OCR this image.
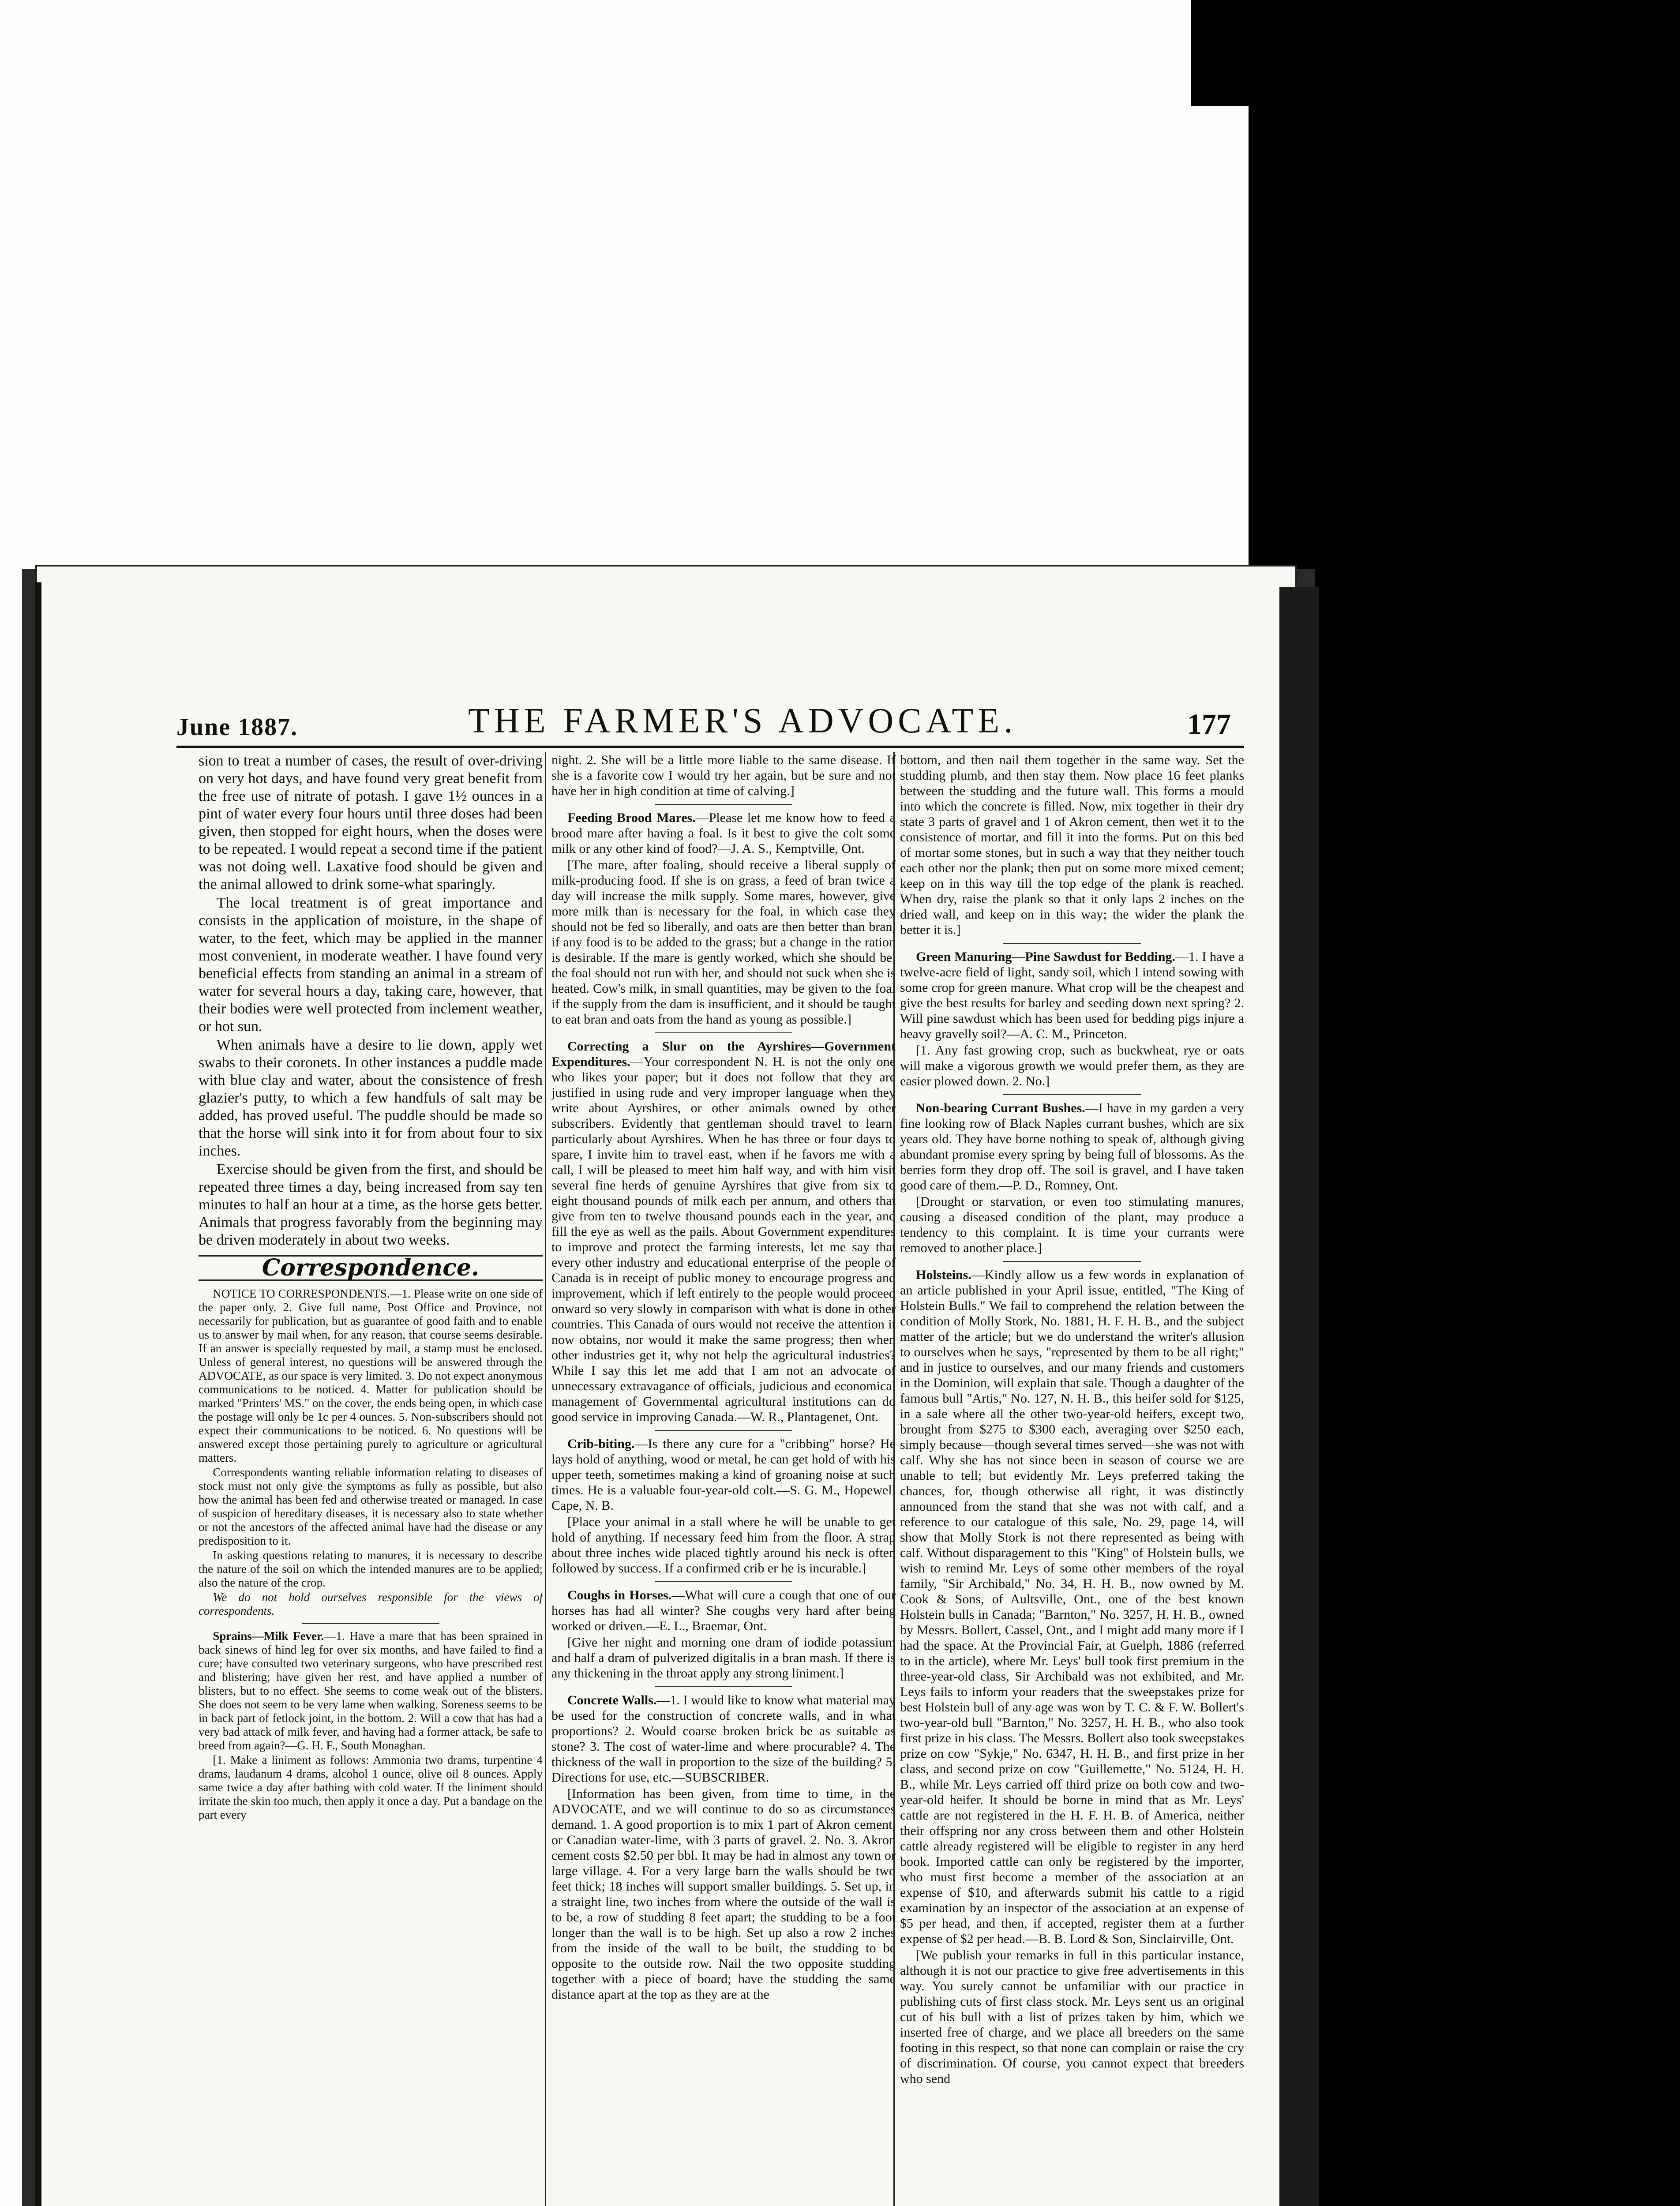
June 1887.	THE FARMER'S ADVOCATE.	177

sion to treat a number of cases, the result of over-driving on very hot days, and have found very great benefit from the free use of nitrate of potash. I gave 1½ ounces in a pint of water every four hours until three doses had been given, then stopped for eight hours, when the doses were to be repeated. I would repeat a second time if the patient was not doing well. Laxative food should be given and the animal allowed to drink some-what sparingly.

The local treatment is of great importance and consists in the application of moisture, in the shape of water, to the feet, which may be applied in the manner most convenient, in moderate weather. I have found very beneficial effects from standing an animal in a stream of water for several hours a day, taking care, however, that their bodies were well protected from inclement weather, or hot sun.

When animals have a desire to lie down, apply wet swabs to their coronets. In other instances a puddle made with blue clay and water, about the consistence of fresh glazier's putty, to which a few handfuls of salt may be added, has proved useful. The puddle should be made so that the horse will sink into it for from about four to six inches.

Exercise should be given from the first, and should be repeated three times a day, being increased from say ten minutes to half an hour at a time, as the horse gets better. Animals that progress favorably from the beginning may be driven moderately in about two weeks.

Correspondence.

NOTICE TO CORRESPONDENTS.—1. Please write on one side of the paper only. 2. Give full name, Post Office and Province, not necessarily for publication, but as guarantee of good faith and to enable us to answer by mail when, for any reason, that course seems desirable. If an answer is specially requested by mail, a stamp must be enclosed. Unless of general interest, no questions will be answered through the ADVOCATE, as our space is very limited. 3. Do not expect anonymous communications to be noticed. 4. Matter for publication should be marked "Printers' MS." on the cover, the ends being open, in which case the postage will only be 1c per 4 ounces. 5. Non-subscribers should not expect their communications to be noticed. 6. No questions will be answered except those pertaining purely to agriculture or agricultural matters.

Correspondents wanting reliable information relating to diseases of stock must not only give the symptoms as fully as possible, but also how the animal has been fed and otherwise treated or managed. In case of suspicion of hereditary diseases, it is necessary also to state whether or not the ancestors of the affected animal have had the disease or any predisposition to it.

In asking questions relating to manures, it is necessary to describe the nature of the soil on which the intended manures are to be applied; also the nature of the crop.

We do not hold ourselves responsible for the views of correspondents.

Sprains—Milk Fever.—1. Have a mare that has been sprained in back sinews of hind leg for over six months, and have failed to find a cure; have consulted two veterinary surgeons, who have prescribed rest and blistering; have given her rest, and have applied a number of blisters, but to no effect. She seems to come weak out of the blisters. She does not seem to be very lame when walking. Soreness seems to be in back part of fetlock joint, in the bottom. 2. Will a cow that has had a very bad attack of milk fever, and having had a former attack, be safe to breed from again?—G. H. F., South Monaghan.

[1. Make a liniment as follows: Ammonia two drams, turpentine 4 drams, laudanum 4 drams, alcohol 1 ounce, olive oil 8 ounces. Apply same twice a day after bathing with cold water. If the liniment should irritate the skin too much, then apply it once a day. Put a bandage on the part every

night. 2. She will be a little more liable to the same disease. If she is a favorite cow I would try her again, but be sure and not have her in high condition at time of calving.]

Feeding Brood Mares.—Please let me know how to feed a brood mare after having a foal. Is it best to give the colt some milk or any other kind of food?—J. A. S., Kemptville, Ont.

[The mare, after foaling, should receive a liberal supply of milk-producing food. If she is on grass, a feed of bran twice a day will increase the milk supply. Some mares, however, give more milk than is necessary for the foal, in which case they should not be fed so liberally, and oats are then better than bran, if any food is to be added to the grass; but a change in the ration is desirable. If the mare is gently worked, which she should be, the foal should not run with her, and should not suck when she is heated. Cow's milk, in small quantities, may be given to the foal if the supply from the dam is insufficient, and it should be taught to eat bran and oats from the hand as young as possible.]

Correcting a Slur on the Ayrshires—Government Expenditures.—Your correspondent N. H. is not the only one who likes your paper; but it does not follow that they are justified in using rude and very improper language when they write about Ayrshires, or other animals owned by other subscribers. Evidently that gentleman should travel to learn, particularly about Ayrshires. When he has three or four days to spare, I invite him to travel east, when if he favors me with a call, I will be pleased to meet him half way, and with him visit several fine herds of genuine Ayrshires that give from six to eight thousand pounds of milk each per annum, and others that give from ten to twelve thousand pounds each in the year, and fill the eye as well as the pails. About Government expenditures to improve and protect the farming interests, let me say that every other industry and educational enterprise of the people of Canada is in receipt of public money to encourage progress and improvement, which if left entirely to the people would proceed onward so very slowly in comparison with what is done in other countries. This Canada of ours would not receive the attention it now obtains, nor would it make the same progress; then when other industries get it, why not help the agricultural industries? While I say this let me add that I am not an advocate of unnecessary extravagance of officials, judicious and economical management of Governmental agricultural institutions can do good service in improving Canada.—W. R., Plantagenet, Ont.

Crib-biting.—Is there any cure for a "cribbing" horse? He lays hold of anything, wood or metal, he can get hold of with his upper teeth, sometimes making a kind of groaning noise at such times. He is a valuable four-year-old colt.—S. G. M., Hopewell Cape, N. B.

[Place your animal in a stall where he will be unable to get hold of anything. If necessary feed him from the floor. A strap about three inches wide placed tightly around his neck is often followed by success. If a confirmed crib er he is incurable.]

Coughs in Horses.—What will cure a cough that one of our horses has had all winter? She coughs very hard after being worked or driven.—E. L., Braemar, Ont.

[Give her night and morning one dram of iodide potassium and half a dram of pulverized digitalis in a bran mash. If there is any thickening in the throat apply any strong liniment.]

Concrete Walls.—1. I would like to know what material may be used for the construction of concrete walls, and in what proportions? 2. Would coarse broken brick be as suitable as stone? 3. The cost of water-lime and where procurable? 4. The thickness of the wall in proportion to the size of the building? 5. Directions for use, etc.—SUBSCRIBER.

[Information has been given, from time to time, in the ADVOCATE, and we will continue to do so as circumstances demand. 1. A good proportion is to mix 1 part of Akron cement, or Canadian water-lime, with 3 parts of gravel. 2. No. 3. Akron cement costs $2.50 per bbl. It may be had in almost any town or large village. 4. For a very large barn the walls should be two feet thick; 18 inches will support smaller buildings. 5. Set up, in a straight line, two inches from where the outside of the wall is to be, a row of studding 8 feet apart; the studding to be a foot longer than the wall is to be high. Set up also a row 2 inches from the inside of the wall to be built, the studding to be opposite to the outside row. Nail the two opposite studding together with a piece of board; have the studding the same distance apart at the top as they are at the

bottom, and then nail them together in the same way. Set the studding plumb, and then stay them. Now place 16 feet planks between the studding and the future wall. This forms a mould into which the concrete is filled. Now, mix together in their dry state 3 parts of gravel and 1 of Akron cement, then wet it to the consistence of mortar, and fill it into the forms. Put on this bed of mortar some stones, but in such a way that they neither touch each other nor the plank; then put on some more mixed cement; keep on in this way till the top edge of the plank is reached. When dry, raise the plank so that it only laps 2 inches on the dried wall, and keep on in this way; the wider the plank the better it is.]

Green Manuring—Pine Sawdust for Bedding.—1. I have a twelve-acre field of light, sandy soil, which I intend sowing with some crop for green manure. What crop will be the cheapest and give the best results for barley and seeding down next spring? 2. Will pine sawdust which has been used for bedding pigs injure a heavy gravelly soil?—A. C. M., Princeton.

[1. Any fast growing crop, such as buckwheat, rye or oats will make a vigorous growth we would prefer them, as they are easier plowed down. 2. No.]

Non-bearing Currant Bushes.—I have in my garden a very fine looking row of Black Naples currant bushes, which are six years old. They have borne nothing to speak of, although giving abundant promise every spring by being full of blossoms. As the berries form they drop off. The soil is gravel, and I have taken good care of them.—P. D., Romney, Ont.

[Drought or starvation, or even too stimulating manures, causing a diseased condition of the plant, may produce a tendency to this complaint. It is time your currants were removed to another place.]

Holsteins.—Kindly allow us a few words in explanation of an article published in your April issue, entitled, "The King of Holstein Bulls." We fail to comprehend the relation between the condition of Molly Stork, No. 1881, H. F. H. B., and the subject matter of the article; but we do understand the writer's allusion to ourselves when he says, "represented by them to be all right;" and in justice to ourselves, and our many friends and customers in the Dominion, will explain that sale. Though a daughter of the famous bull "Artis," No. 127, N. H. B., this heifer sold for $125, in a sale where all the other two-year-old heifers, except two, brought from $275 to $300 each, averaging over $250 each, simply because—though several times served—she was not with calf. Why she has not since been in season of course we are unable to tell; but evidently Mr. Leys preferred taking the chances, for, though otherwise all right, it was distinctly announced from the stand that she was not with calf, and a reference to our catalogue of this sale, No. 29, page 14, will show that Molly Stork is not there represented as being with calf. Without disparagement to this "King" of Holstein bulls, we wish to remind Mr. Leys of some other members of the royal family, "Sir Archibald," No. 34, H. H. B., now owned by M. Cook & Sons, of Aultsville, Ont., one of the best known Holstein bulls in Canada; "Barnton," No. 3257, H. H. B., owned by Messrs. Bollert, Cassel, Ont., and I might add many more if I had the space. At the Provincial Fair, at Guelph, 1886 (referred to in the article), where Mr. Leys' bull took first premium in the three-year-old class, Sir Archibald was not exhibited, and Mr. Leys fails to inform your readers that the sweepstakes prize for best Holstein bull of any age was won by T. C. & F. W. Bollert's two-year-old bull "Barnton," No. 3257, H. H. B., who also took first prize in his class. The Messrs. Bollert also took sweepstakes prize on cow "Sykje," No. 6347, H. H. B., and first prize in her class, and second prize on cow "Guillemette," No. 5124, H. H. B., while Mr. Leys carried off third prize on both cow and two-year-old heifer. It should be borne in mind that as Mr. Leys' cattle are not registered in the H. F. H. B. of America, neither their offspring nor any cross between them and other Holstein cattle already registered will be eligible to register in any herd book. Imported cattle can only be registered by the importer, who must first become a member of the association at an expense of $10, and afterwards submit his cattle to a rigid examination by an inspector of the association at an expense of $5 per head, and then, if accepted, register them at a further expense of $2 per head.—B. B. Lord & Son, Sinclairville, Ont.

[We publish your remarks in full in this particular instance, although it is not our practice to give free advertisements in this way. You surely cannot be unfamiliar with our practice in publishing cuts of first class stock. Mr. Leys sent us an original cut of his bull with a list of prizes taken by him, which we inserted free of charge, and we place all breeders on the same footing in this respect, so that none can complain or raise the cry of discrimination. Of course, you cannot expect that breeders who send
